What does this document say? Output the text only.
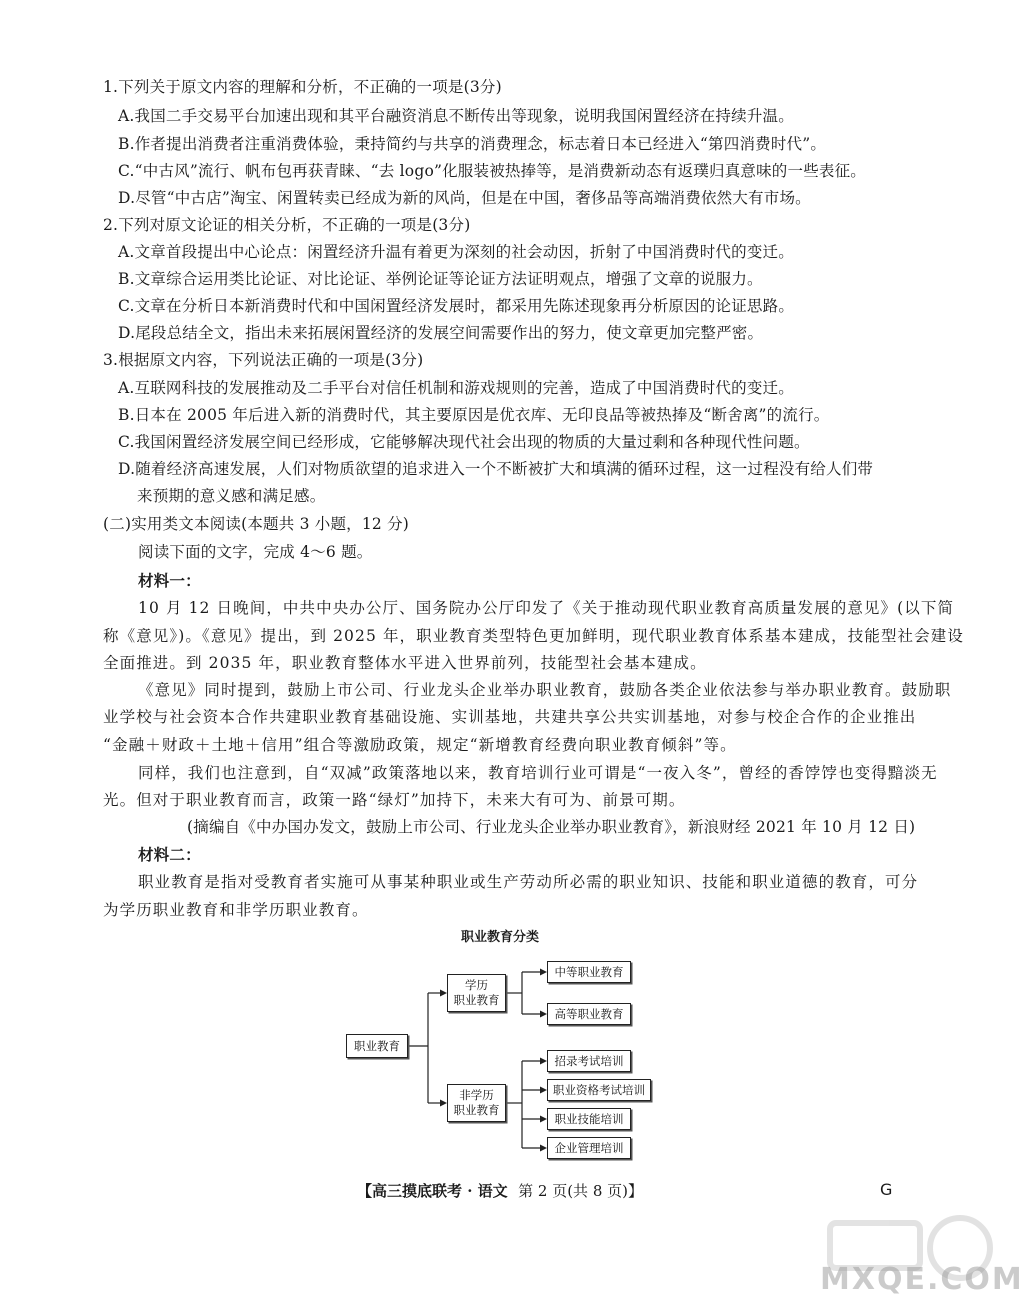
1.下列关于原文内容的理解和分析，不正确的一项是(3分)
A.我国二手交易平台加速出现和其平台融资消息不断传出等现象，说明我国闲置经济在持续升温。
B.作者提出消费者注重消费体验，秉持简约与共享的消费理念，标志着日本已经进入“第四消费时代”。
C.“中古风”流行、帆布包再获青睐、“去 logo”化服装被热捧等，是消费新动态有返璞归真意味的一些表征。
D.尽管“中古店”淘宝、闲置转卖已经成为新的风尚，但是在中国，奢侈品等高端消费依然大有市场。
2.下列对原文论证的相关分析，不正确的一项是(3分)
A.文章首段提出中心论点：闲置经济升温有着更为深刻的社会动因，折射了中国消费时代的变迁。
B.文章综合运用类比论证、对比论证、举例论证等论证方法证明观点，增强了文章的说服力。
C.文章在分析日本新消费时代和中国闲置经济发展时，都采用先陈述现象再分析原因的论证思路。
D.尾段总结全文，指出未来拓展闲置经济的发展空间需要作出的努力，使文章更加完整严密。
3.根据原文内容，下列说法正确的一项是(3分)
A.互联网科技的发展推动及二手平台对信任机制和游戏规则的完善，造成了中国消费时代的变迁。
B.日本在 2005 年后进入新的消费时代，其主要原因是优衣库、无印良品等被热捧及“断舍离”的流行。
C.我国闲置经济发展空间已经形成，它能够解决现代社会出现的物质的大量过剩和各种现代性问题。
D.随着经济高速发展，人们对物质欲望的追求进入一个不断被扩大和填满的循环过程，这一过程没有给人们带
来预期的意义感和满足感。
(二)实用类文本阅读(本题共 3 小题，12 分)
阅读下面的文字，完成 4～6 题。
材料一：
10 月 12 日晚间，中共中央办公厅、国务院办公厅印发了《关于推动现代职业教育高质量发展的意见》(以下简
称《意见》)。《意见》提出，到 2025 年，职业教育类型特色更加鲜明，现代职业教育体系基本建成，技能型社会建设
全面推进。到 2035 年，职业教育整体水平进入世界前列，技能型社会基本建成。
《意见》同时提到，鼓励上市公司、行业龙头企业举办职业教育，鼓励各类企业依法参与举办职业教育。鼓励职
业学校与社会资本合作共建职业教育基础设施、实训基地，共建共享公共实训基地，对参与校企合作的企业推出
“金融＋财政＋土地＋信用”组合等激励政策，规定“新增教育经费向职业教育倾斜”等。
同样，我们也注意到，自“双减”政策落地以来，教育培训行业可谓是“一夜入冬”，曾经的香饽饽也变得黯淡无
光。但对于职业教育而言，政策一路“绿灯”加持下，未来大有可为、前景可期。
(摘编自《中办国办发文，鼓励上市公司、行业龙头企业举办职业教育》，新浪财经 2021 年 10 月 12 日)
材料二：
职业教育是指对受教育者实施可从事某种职业或生产劳动所必需的职业知识、技能和职业道德的教育，可分
为学历职业教育和非学历职业教育。
职业教育分类
职业教育
学历
职业教育
非学历
职业教育
中等职业教育
高等职业教育
招录考试培训
职业资格考试培训
职业技能培训
企业管理培训
【高三摸底联考 · 语文 第 2 页(共 8 页)】	G
MXQE.COM
